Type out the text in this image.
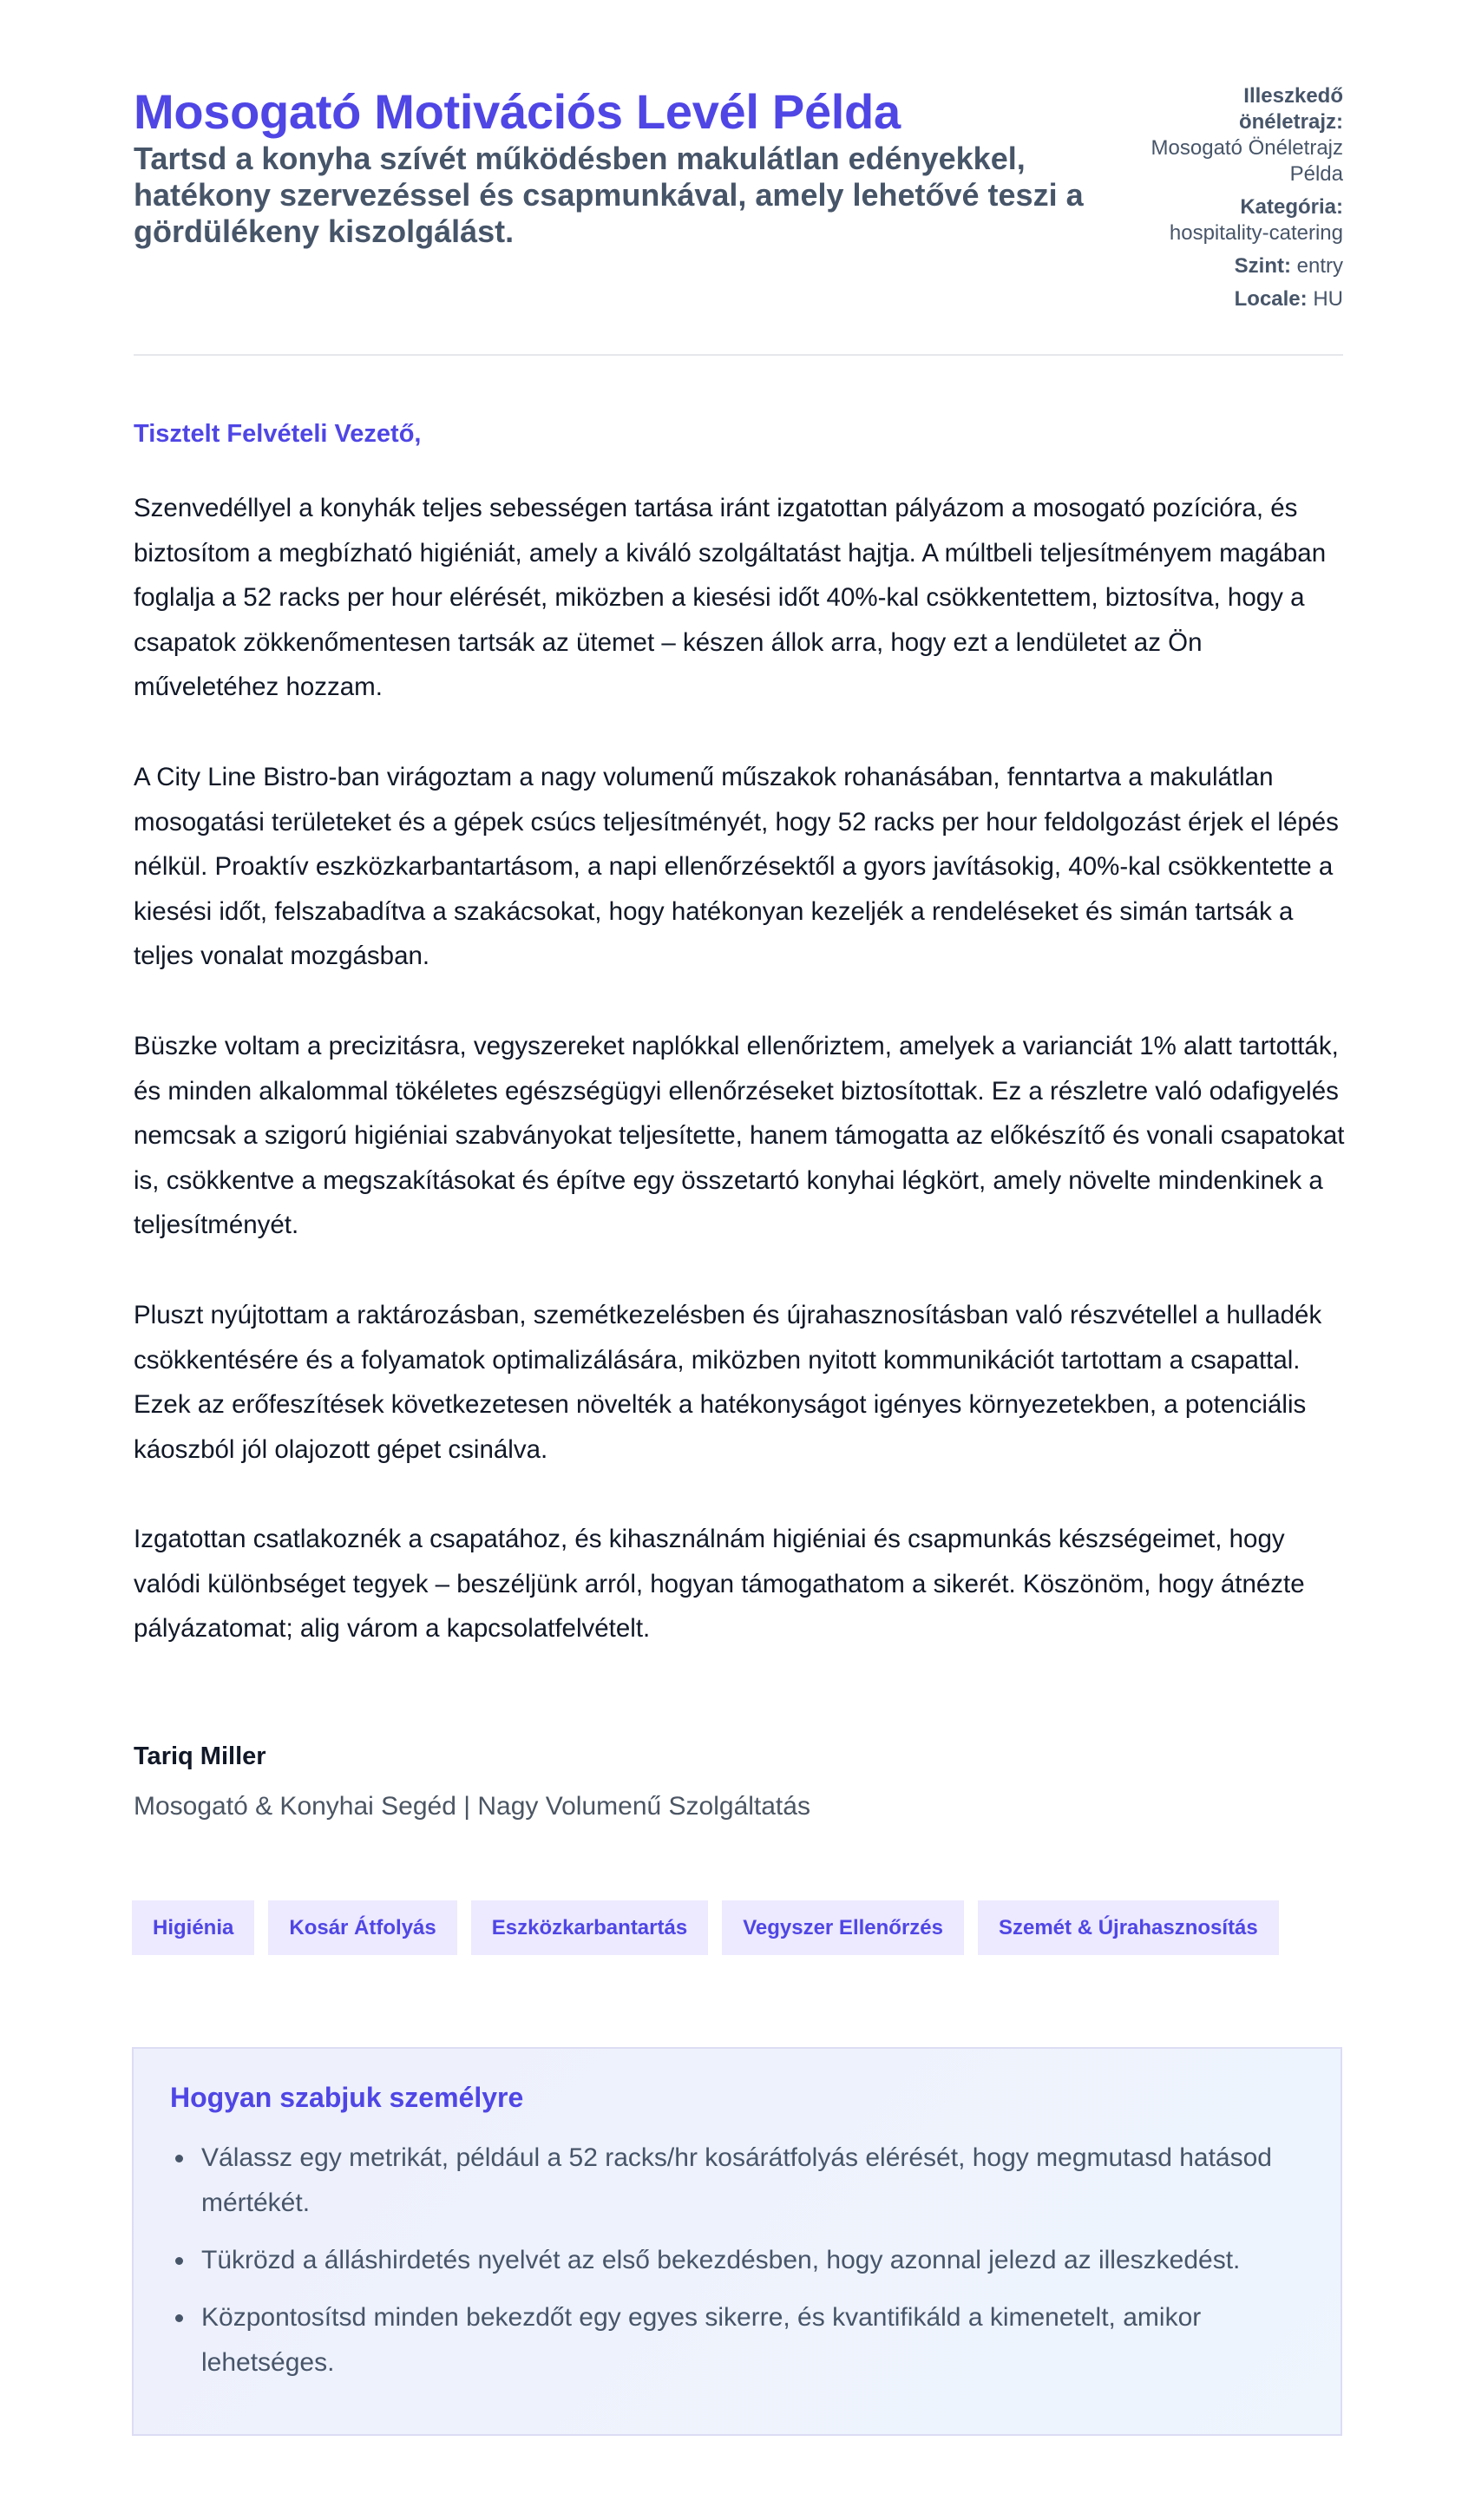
Mosogató Motivációs Levél Példa

Tartsd a konyha szívét működésben makulátlan edényekkel, hatékony szervezéssel és csapmunkával, amely lehetővé teszi a gördülékeny kiszolgálást.

Illeszkedő önéletrajz:
Mosogató Önéletrajz Példa
Kategória:
hospitality-catering
Szint: entry
Locale: HU

Tisztelt Felvételi Vezető,

Szenvedéllyel a konyhák teljes sebességen tartása iránt izgatottan pályázom a mosogató pozícióra, és biztosítom a megbízható higiéniát, amely a kiváló szolgáltatást hajtja. A múltbeli teljesítményem magában foglalja a 52 racks per hour elérését, miközben a kiesési időt 40%-kal csökkentettem, biztosítva, hogy a csapatok zökkenőmentesen tartsák az ütemet – készen állok arra, hogy ezt a lendületet az Ön műveletéhez hozzam.

A City Line Bistro-ban virágoztam a nagy volumenű műszakok rohanásában, fenntartva a makulátlan mosogatási területeket és a gépek csúcs teljesítményét, hogy 52 racks per hour feldolgozást érjek el lépés nélkül. Proaktív eszközkarbantartásom, a napi ellenőrzésektől a gyors javításokig, 40%-kal csökkentette a kiesési időt, felszabadítva a szakácsokat, hogy hatékonyan kezeljék a rendeléseket és simán tartsák a teljes vonalat mozgásban.

Büszke voltam a precizitásra, vegyszereket naplókkal ellenőriztem, amelyek a varianciát 1% alatt tartották, és minden alkalommal tökéletes egészségügyi ellenőrzéseket biztosítottak. Ez a részletre való odafigyelés nemcsak a szigorú higiéniai szabványokat teljesítette, hanem támogatta az előkészítő és vonali csapatokat is, csökkentve a megszakításokat és építve egy összetartó konyhai légkört, amely növelte mindenkinek a teljesítményét.

Pluszt nyújtottam a raktározásban, szemétkezelésben és újrahasznosításban való részvétellel a hulladék csökkentésére és a folyamatok optimalizálására, miközben nyitott kommunikációt tartottam a csapattal. Ezek az erőfeszítések következetesen növelték a hatékonyságot igényes környezetekben, a potenciális káoszból jól olajozott gépet csinálva.

Izgatottan csatlakoznék a csapatához, és kihasználnám higiéniai és csapmunkás készségeimet, hogy valódi különbséget tegyek – beszéljünk arról, hogyan támogathatom a sikerét. Köszönöm, hogy átnézte pályázatomat; alig várom a kapcsolatfelvételt.

Tariq Miller

Mosogató & Konyhai Segéd | Nagy Volumenű Szolgáltatás

Higiénia	Kosár Átfolyás	Eszközkarbantartás	Vegyszer Ellenőrzés	Szemét & Újrahasznosítás
Hogyan szabjuk személyre
Válassz egy metrikát, például a 52 racks/hr kosárátfolyás elérését, hogy megmutasd hatásod mértékét.
Tükrözd a álláshirdetés nyelvét az első bekezdésben, hogy azonnal jelezd az illeszkedést.
Központosítsd minden bekezdőt egy egyes sikerre, és kvantifikáld a kimenetelt, amikor lehetséges.
